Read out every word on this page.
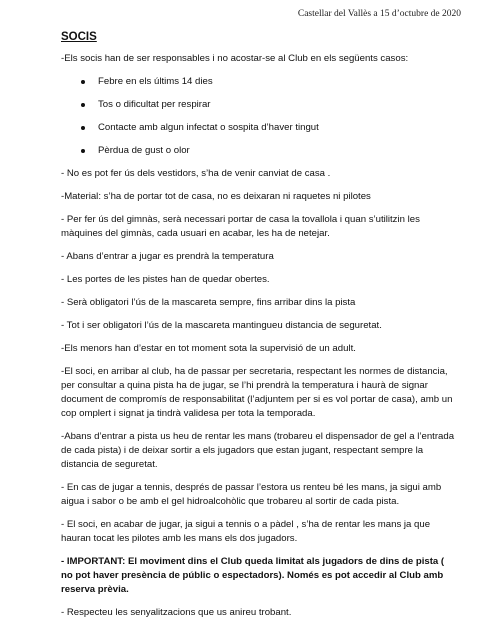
Castellar del Vallès a 15 d’octubre de 2020
SOCIS
-Els socis han de ser responsables i no acostar-se al Club en els següents casos:
Febre en els últims 14 dies
Tos o dificultat per respirar
Contacte amb algun infectat o sospita d’haver tingut
Pèrdua de gust o olor
- No es pot fer ús dels vestidors, s’ha de venir canviat de casa .
-Material: s’ha de portar tot de casa, no es deixaran ni raquetes ni pilotes
- Per fer ús del gimnàs, serà necessari portar de casa la tovallola i quan s’utilitzin les màquines del gimnàs, cada usuari en acabar, les ha de netejar.
- Abans d’entrar a jugar es prendrà la temperatura
- Les portes de les pistes han de quedar obertes.
- Serà obligatori l’ús de la mascareta sempre, fins arribar dins la pista
- Tot i ser obligatori l’ús de la mascareta mantingueu distancia de seguretat.
-Els menors han d’estar en tot moment sota la supervisió de un adult.
-El soci, en arribar al club, ha de passar per secretaria, respectant les normes de distancia, per consultar a quina pista ha de jugar, se l’hi prendrà la temperatura i haurà de signar document de compromís de responsabilitat (l’adjuntem per si es vol portar de casa), amb un cop omplert i signat ja tindrà validesa per tota la temporada.
-Abans d’entrar a pista us heu de rentar les mans (trobareu el dispensador de gel a l’entrada de cada pista) i de deixar sortir a els jugadors que estan jugant, respectant sempre la distancia de seguretat.
- En cas de jugar a tennis, després de passar l’estora us renteu bé les mans, ja sigui amb aigua i sabor o be amb el gel hidroalcohòlic que trobareu al sortir de cada pista.
- El soci, en acabar de jugar, ja sigui a tennis o a pàdel , s’ha de rentar les mans ja que hauran tocat les pilotes amb les mans els dos jugadors.
- IMPORTANT: El moviment dins el Club queda limitat als jugadors de dins de pista ( no pot haver presència de públic o espectadors). Només es pot accedir al Club amb reserva prèvia.
- Respecteu les senyalitzacions que us anireu trobant.
